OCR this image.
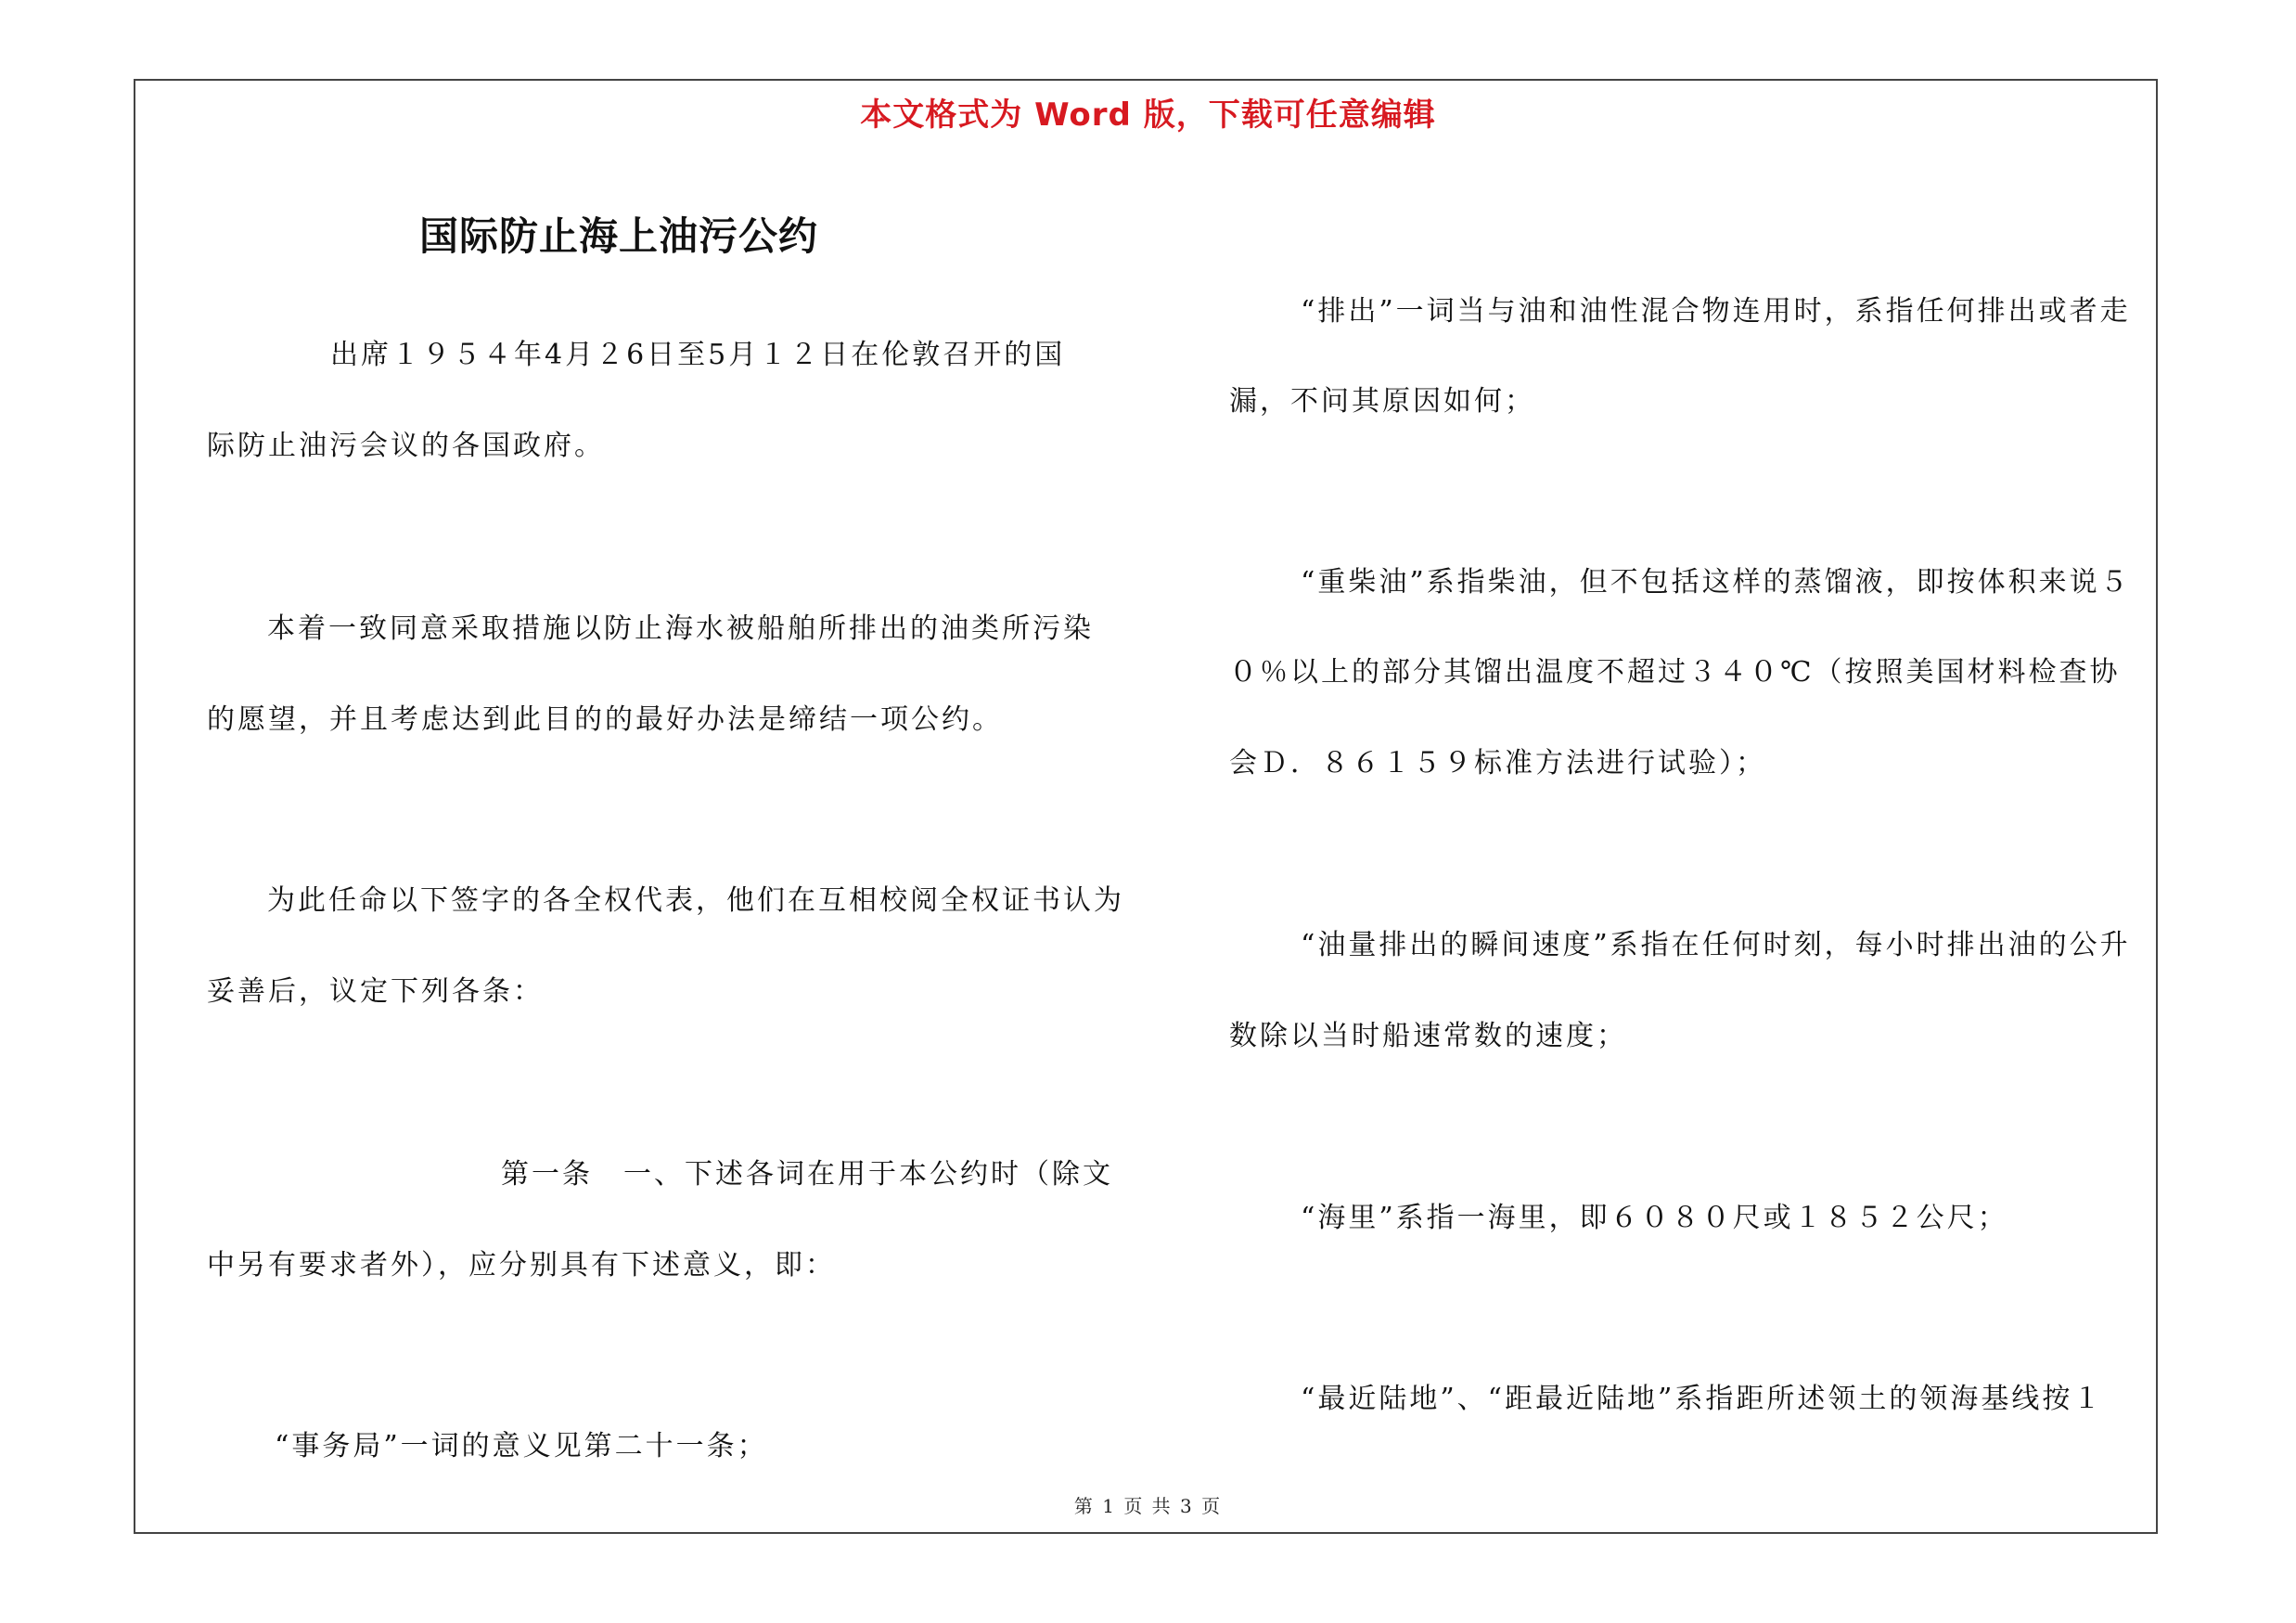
本文格式为 Word 版，下载可任意编辑
国际防止海上油污公约
出席１９５４年4月２6日至5月１２日在伦敦召开的国
际防止油污会议的各国政府。
本着一致同意采取措施以防止海水被船舶所排出的油类所污染
的愿望，并且考虑达到此目的的最好办法是缔结一项公约。
为此任命以下签字的各全权代表，他们在互相校阅全权证书认为
妥善后，议定下列各条：
第一条　一、下述各词在用于本公约时（除文
中另有要求者外），应分别具有下述意义，即：
“事务局”一词的意义见第二十一条；
“排出”一词当与油和油性混合物连用时，系指任何排出或者走
漏，不问其原因如何；
“重柴油”系指柴油，但不包括这样的蒸馏液，即按体积来说５
０％以上的部分其馏出温度不超过３４０℃（按照美国材料检查协
会Ｄ．８６１５９标准方法进行试验）；
“油量排出的瞬间速度”系指在任何时刻，每小时排出油的公升
数除以当时船速常数的速度；
“海里”系指一海里，即６０８０尺或１８５２公尺；
“最近陆地”、“距最近陆地”系指距所述领土的领海基线按１
第 1 页 共 3 页
